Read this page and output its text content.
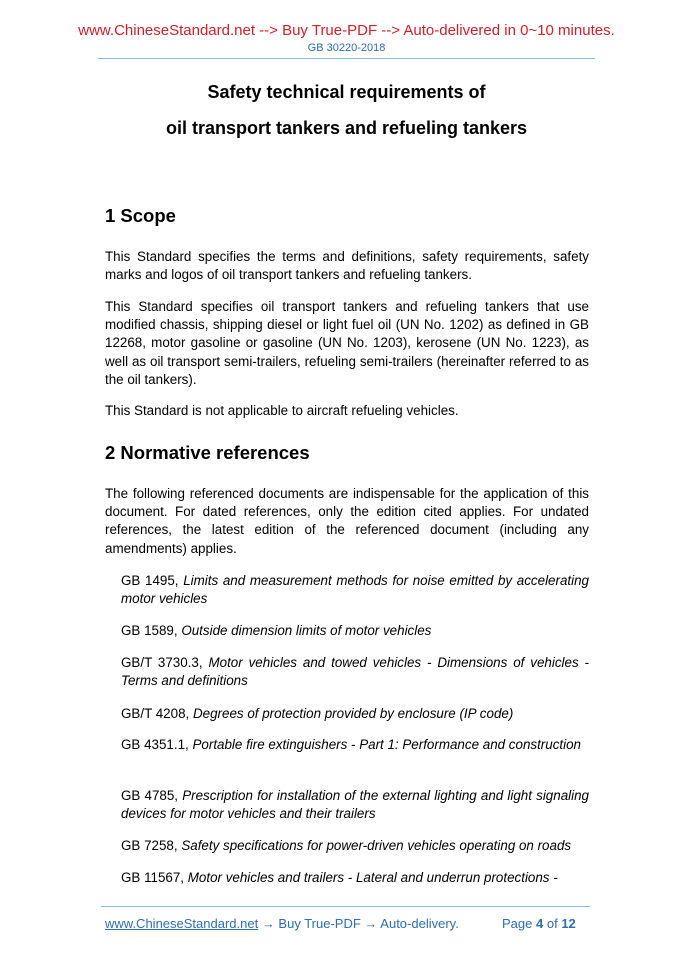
www.ChineseStandard.net --> Buy True-PDF --> Auto-delivered in 0~10 minutes.
GB 30220-2018
Safety technical requirements of
oil transport tankers and refueling tankers
1 Scope
This Standard specifies the terms and definitions, safety requirements, safety marks and logos of oil transport tankers and refueling tankers.
This Standard specifies oil transport tankers and refueling tankers that use modified chassis, shipping diesel or light fuel oil (UN No. 1202) as defined in GB 12268, motor gasoline or gasoline (UN No. 1203), kerosene (UN No. 1223), as well as oil transport semi-trailers, refueling semi-trailers (hereinafter referred to as the oil tankers).
This Standard is not applicable to aircraft refueling vehicles.
2 Normative references
The following referenced documents are indispensable for the application of this document. For dated references, only the edition cited applies. For undated references, the latest edition of the referenced document (including any amendments) applies.
GB 1495, Limits and measurement methods for noise emitted by accelerating motor vehicles
GB 1589, Outside dimension limits of motor vehicles
GB/T 3730.3, Motor vehicles and towed vehicles - Dimensions of vehicles - Terms and definitions
GB/T 4208, Degrees of protection provided by enclosure (IP code)
GB 4351.1, Portable fire extinguishers - Part 1: Performance and construction
GB 4785, Prescription for installation of the external lighting and light signaling devices for motor vehicles and their trailers
GB 7258, Safety specifications for power-driven vehicles operating on roads
GB 11567, Motor vehicles and trailers - Lateral and underrun protections -
www.ChineseStandard.net → Buy True-PDF → Auto-delivery.	Page 4 of 12
